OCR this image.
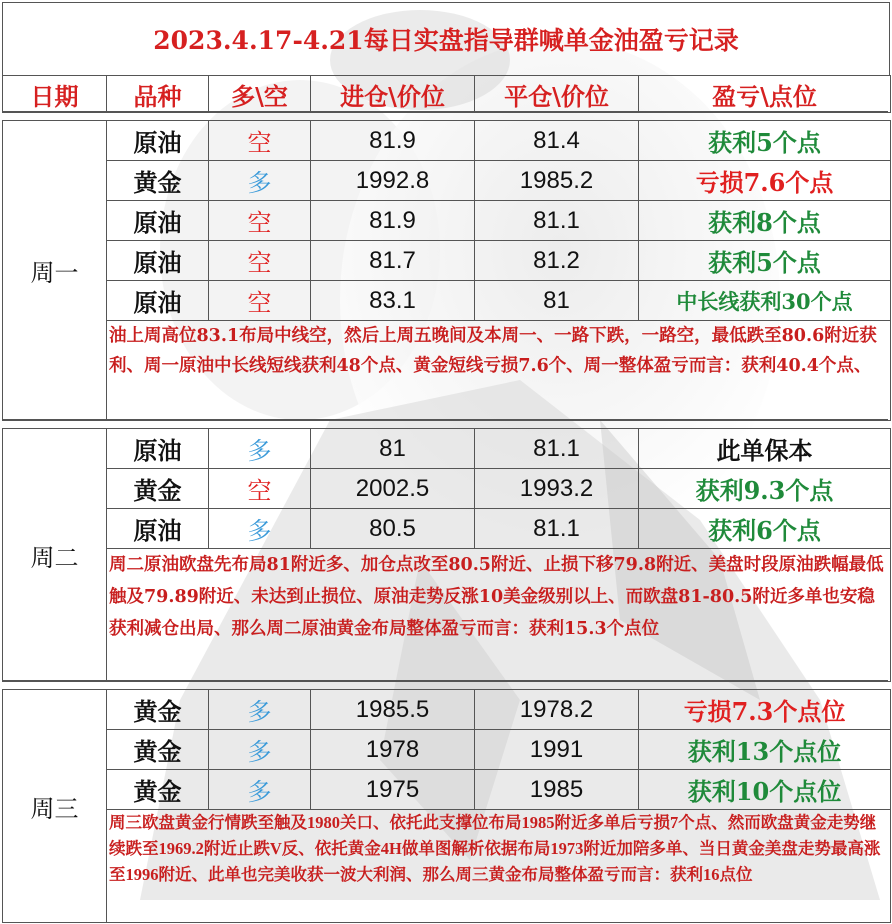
2023.4.17-4.21每日实盘指导群喊单金油盈亏记录
日期	品种	多\空	进仓\价位	平仓\价位	盈亏\点位
周一	原油	空	81.9	81.4	获利5个点
	黄金	多	1992.8	1985.2	亏损7.6个点
	原油	空	81.9	81.1	获利8个点
	原油	空	81.7	81.2	获利5个点
	原油	空	83.1	81	中长线获利30个点
	油上周高位83.1布局中线空，然后上周五晚间及本周一、一路下跌，一路空，最低跌至80.6附近获利、周一原油中长线短线获利48个点、黄金短线亏损7.6个、周一整体盈亏而言：获利40.4个点、				
周二	原油	多	81	81.1	此单保本
	黄金	空	2002.5	1993.2	获利9.3个点
	原油	多	80.5	81.1	获利6个点
	周二原油欧盘先布局81附近多、加仓点改至80.5附近、止损下移79.8附近、美盘时段原油跌幅最低触及79.89附近、未达到止损位、原油走势反涨10美金级别以上、而欧盘81-80.5附近多单也安稳获利减仓出局、那么周二原油黄金布局整体盈亏而言：获利15.3个点位				
周三	黄金	多	1985.5	1978.2	亏损7.3个点位
	黄金	多	1978	1991	获利13个点位
	黄金	多	1975	1985	获利10个点位
	周三欧盘黄金行情跌至触及1980关口、依托此支撑位布局1985附近多单后亏损7个点、然而欧盘黄金走势继续跌至1969.2附近止跌V反、依托黄金4H做单图解析依据布局1973附近加陪多单、当日黄金美盘走势最高涨至1996附近、此单也完美收获一波大利润、那么周三黄金布局整体盈亏而言：获利16点位				
